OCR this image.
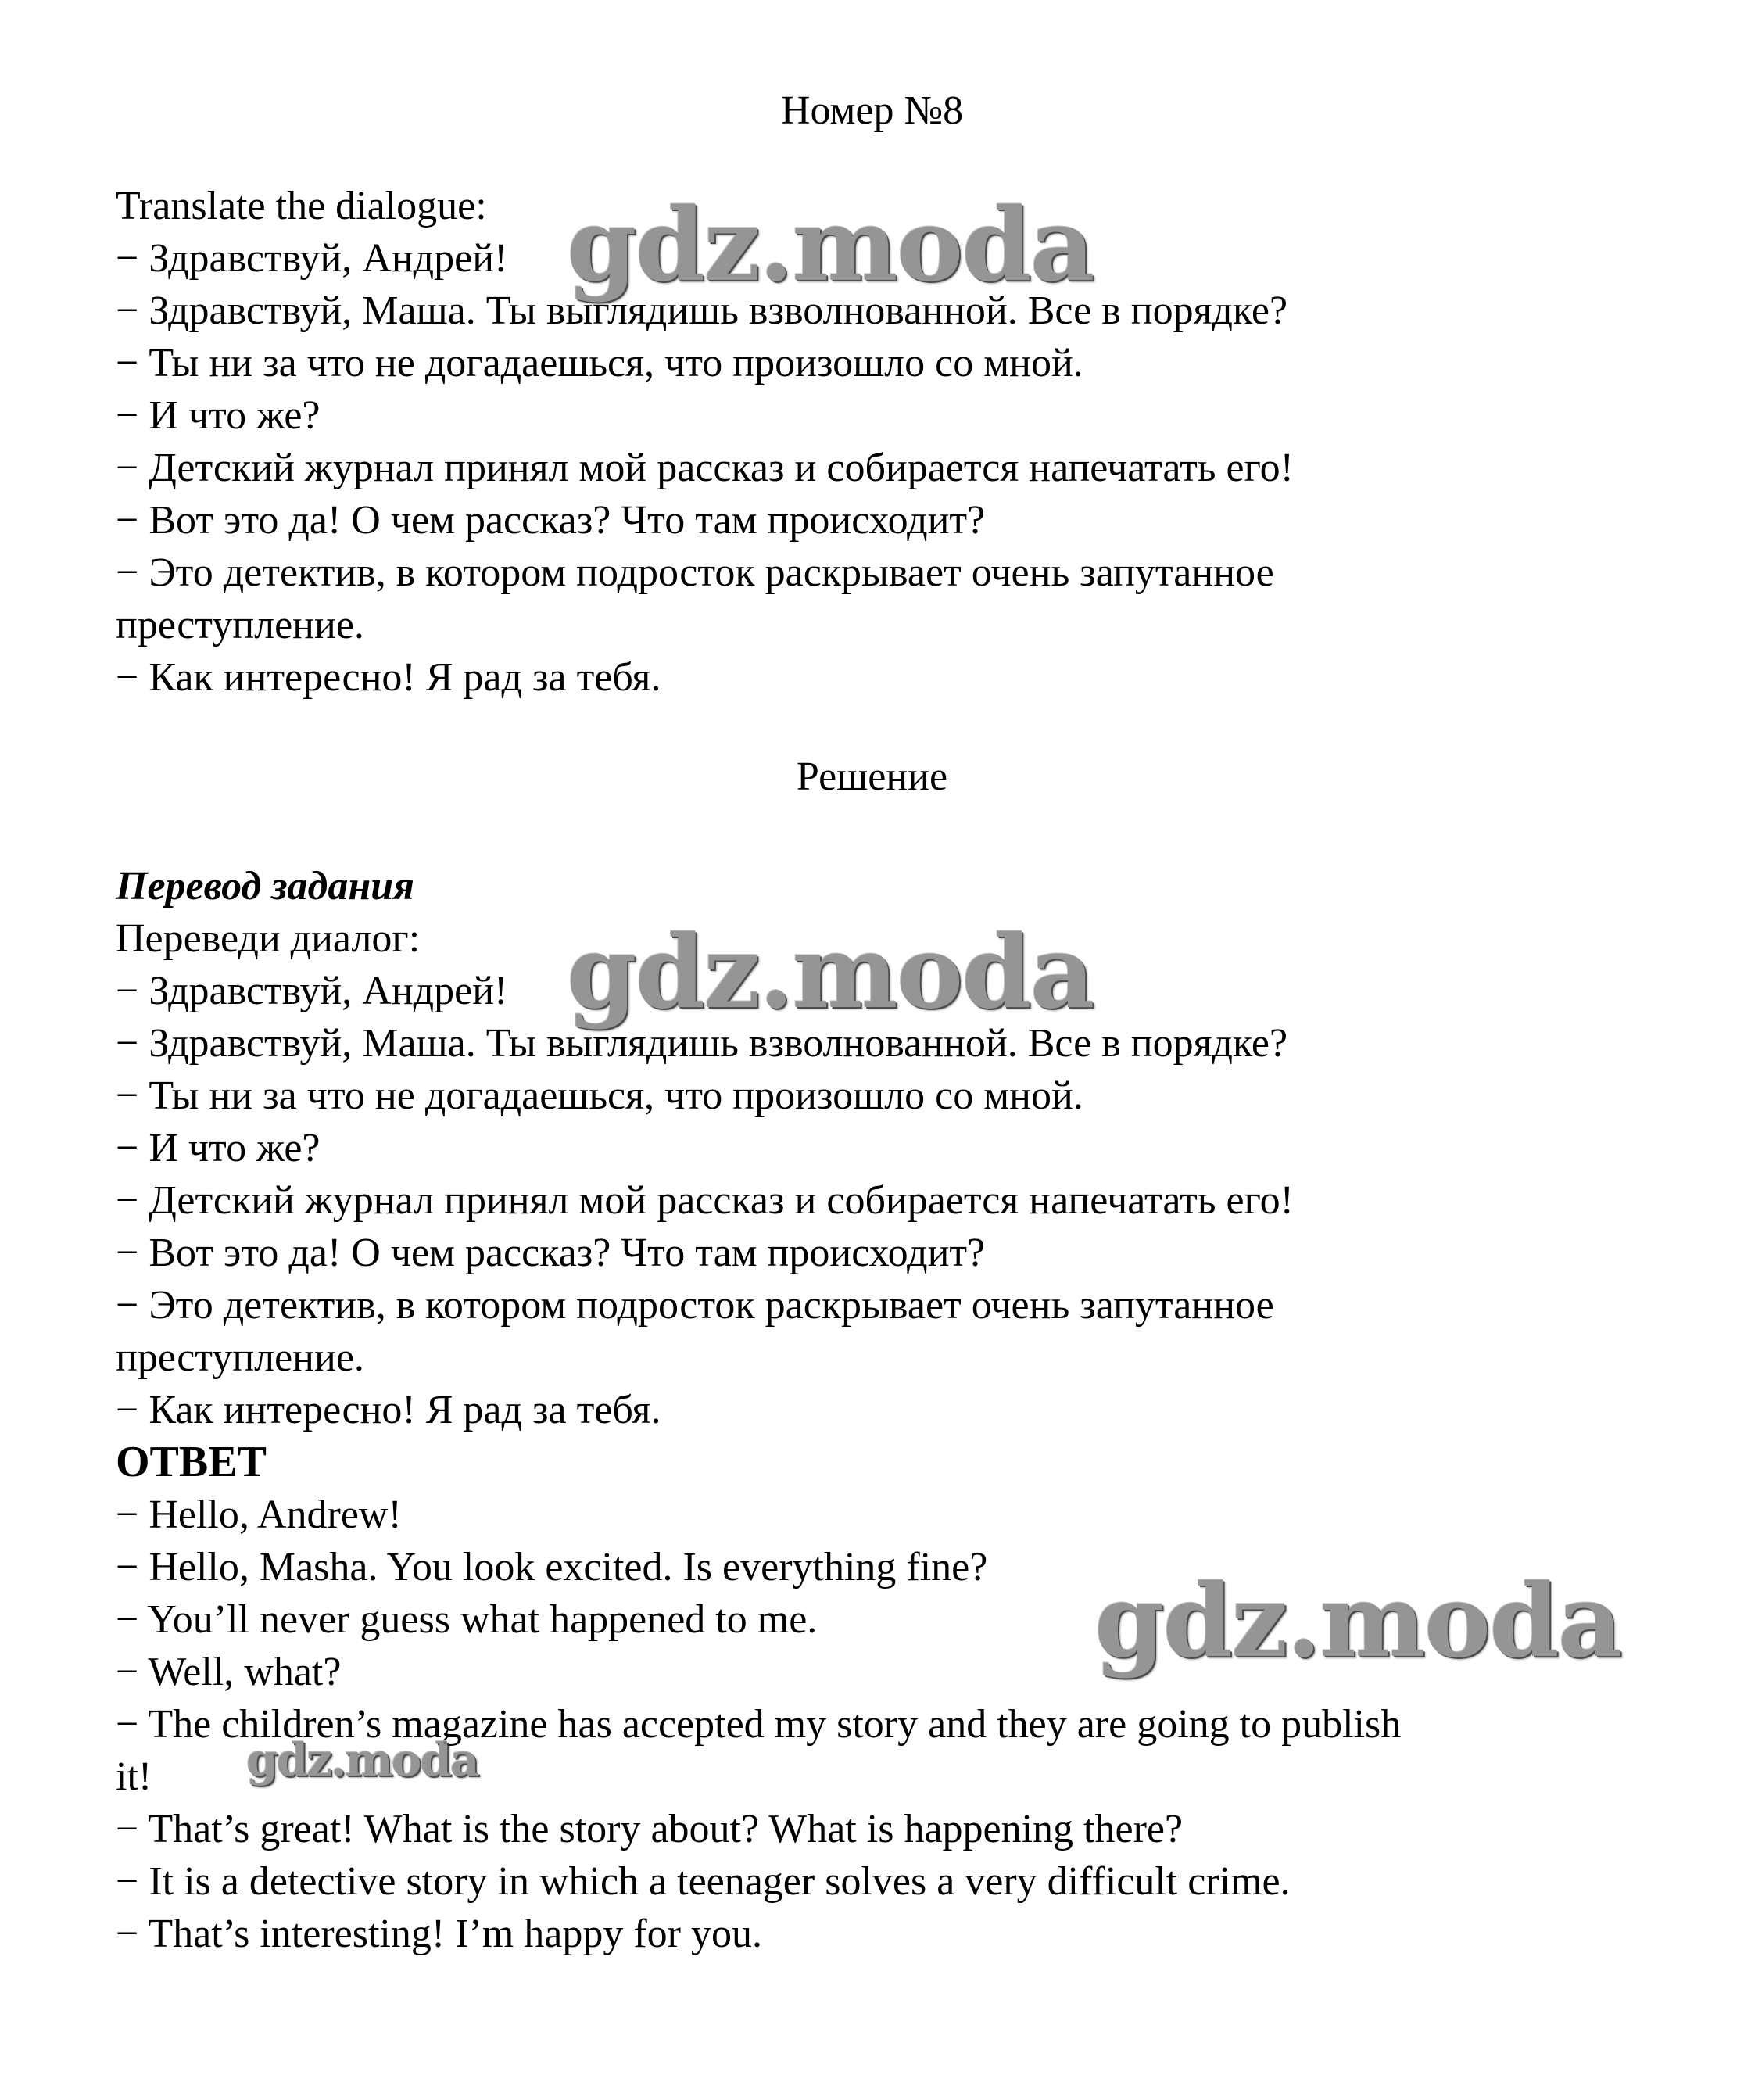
Номер №8
Translate the dialogue:
− Здравствуй, Андрей!
− Здравствуй, Маша. Ты выглядишь взволнованной. Все в порядке?
− Ты ни за что не догадаешься, что произошло со мной.
− И что же?
− Детский журнал принял мой рассказ и собирается напечатать его!
− Вот это да! О чем рассказ? Что там происходит?
− Это детектив, в котором подросток раскрывает очень запутанное
преступление.
− Как интересно! Я рад за тебя.
Решение
Перевод задания
Переведи диалог:
− Здравствуй, Андрей!
− Здравствуй, Маша. Ты выглядишь взволнованной. Все в порядке?
− Ты ни за что не догадаешься, что произошло со мной.
− И что же?
− Детский журнал принял мой рассказ и собирается напечатать его!
− Вот это да! О чем рассказ? Что там происходит?
− Это детектив, в котором подросток раскрывает очень запутанное
преступление.
− Как интересно! Я рад за тебя.
ОТВЕТ
− Hello, Andrew!
− Hello, Masha. You look excited. Is everything fine?
− You’ll never guess what happened to me.
− Well, what?
− The children’s magazine has accepted my story and they are going to publish
it!
− That’s great! What is the story about? What is happening there?
− It is a detective story in which a teenager solves a very difficult crime.
− That’s interesting! I’m happy for you.
gdz.moda
gdz.moda
gdz.moda
gdz.moda
